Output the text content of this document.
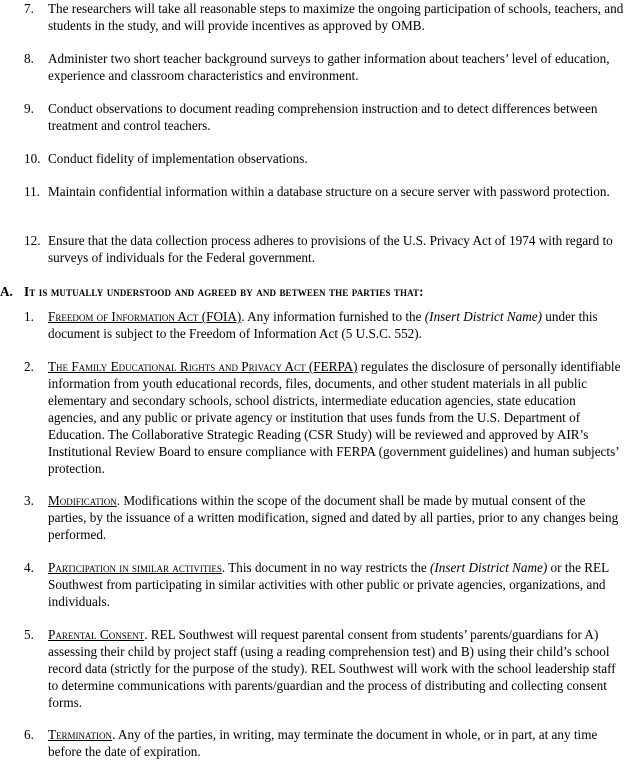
7. The researchers will take all reasonable steps to maximize the ongoing participation of schools, teachers, and students in the study, and will provide incentives as approved by OMB.
8. Administer two short teacher background surveys to gather information about teachers’ level of education, experience and classroom characteristics and environment.
9. Conduct observations to document reading comprehension instruction and to detect differences between treatment and control teachers.
10. Conduct fidelity of implementation observations.
11. Maintain confidential information within a database structure on a secure server with password protection.
12. Ensure that the data collection process adheres to provisions of the U.S. Privacy Act of 1974 with regard to surveys of individuals for the Federal government.
A. It is mutually understood and agreed by and between the parties that:
1. Freedom of Information Act (FOIA). Any information furnished to the (Insert District Name) under this document is subject to the Freedom of Information Act (5 U.S.C. 552).
2. The Family Educational Rights and Privacy Act (FERPA) regulates the disclosure of personally identifiable information from youth educational records, files, documents, and other student materials in all public elementary and secondary schools, school districts, intermediate education agencies, state education agencies, and any public or private agency or institution that uses funds from the U.S. Department of Education. The Collaborative Strategic Reading (CSR Study) will be reviewed and approved by AIR’s Institutional Review Board to ensure compliance with FERPA (government guidelines) and human subjects’ protection.
3. Modification. Modifications within the scope of the document shall be made by mutual consent of the parties, by the issuance of a written modification, signed and dated by all parties, prior to any changes being performed.
4. Participation in similar activities. This document in no way restricts the (Insert District Name) or the REL Southwest from participating in similar activities with other public or private agencies, organizations, and individuals.
5. Parental Consent. REL Southwest will request parental consent from students’ parents/guardians for A) assessing their child by project staff (using a reading comprehension test) and B) using their child’s school record data (strictly for the purpose of the study). REL Southwest will work with the school leadership staff to determine communications with parents/guardian and the process of distributing and collecting consent forms.
6. Termination. Any of the parties, in writing, may terminate the document in whole, or in part, at any time before the date of expiration.
